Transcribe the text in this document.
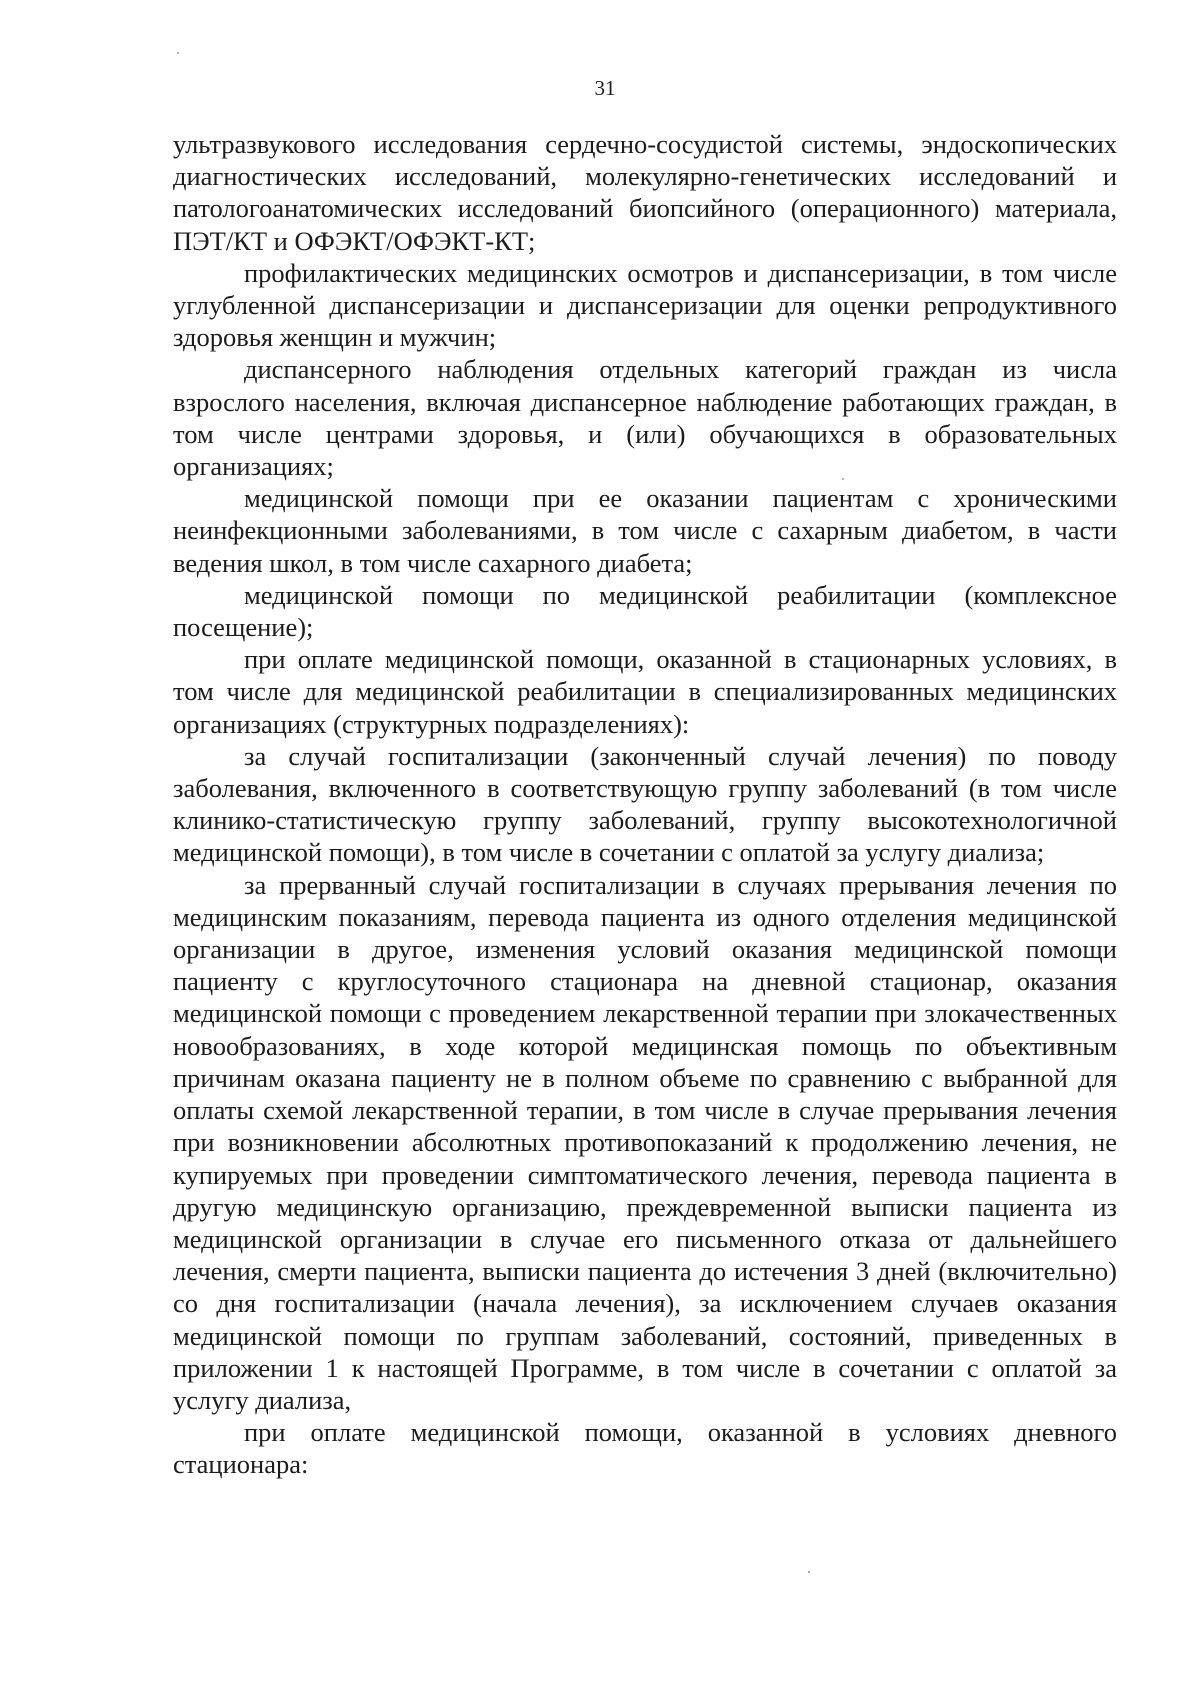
31

ультразвукового исследования сердечно-сосудистой системы, эндоскопических диагностических исследований, молекулярно-генетических исследований и патологоанатомических исследований биопсийного (операционного) материала, ПЭТ/КТ и ОФЭКТ/ОФЭКТ-КТ;

профилактических медицинских осмотров и диспансеризации, в том числе углубленной диспансеризации и диспансеризации для оценки репродуктивного здоровья женщин и мужчин;

диспансерного наблюдения отдельных категорий граждан из числа взрослого населения, включая диспансерное наблюдение работающих граждан, в том числе центрами здоровья, и (или) обучающихся в образовательных организациях;

медицинской помощи при ее оказании пациентам с хроническими неинфекционными заболеваниями, в том числе с сахарным диабетом, в части ведения школ, в том числе сахарного диабета;

медицинской помощи по медицинской реабилитации (комплексное посещение);

при оплате медицинской помощи, оказанной в стационарных условиях, в том числе для медицинской реабилитации в специализированных медицинских организациях (структурных подразделениях):

за случай госпитализации (законченный случай лечения) по поводу заболевания, включенного в соответствующую группу заболеваний (в том числе клинико-статистическую группу заболеваний, группу высокотехнологичной медицинской помощи), в том числе в сочетании с оплатой за услугу диализа;

за прерванный случай госпитализации в случаях прерывания лечения по медицинским показаниям, перевода пациента из одного отделения медицинской организации в другое, изменения условий оказания медицинской помощи пациенту с круглосуточного стационара на дневной стационар, оказания медицинской помощи с проведением лекарственной терапии при злокачественных новообразованиях, в ходе которой медицинская помощь по объективным причинам оказана пациенту не в полном объеме по сравнению с выбранной для оплаты схемой лекарственной терапии, в том числе в случае прерывания лечения при возникновении абсолютных противопоказаний к продолжению лечения, не купируемых при проведении симптоматического лечения, перевода пациента в другую медицинскую организацию, преждевременной выписки пациента из медицинской организации в случае его письменного отказа от дальнейшего лечения, смерти пациента, выписки пациента до истечения 3 дней (включительно) со дня госпитализации (начала лечения), за исключением случаев оказания медицинской помощи по группам заболеваний, состояний, приведенных в приложении 1 к настоящей Программе, в том числе в сочетании с оплатой за услугу диализа,

при оплате медицинской помощи, оказанной в условиях дневного стационара:
